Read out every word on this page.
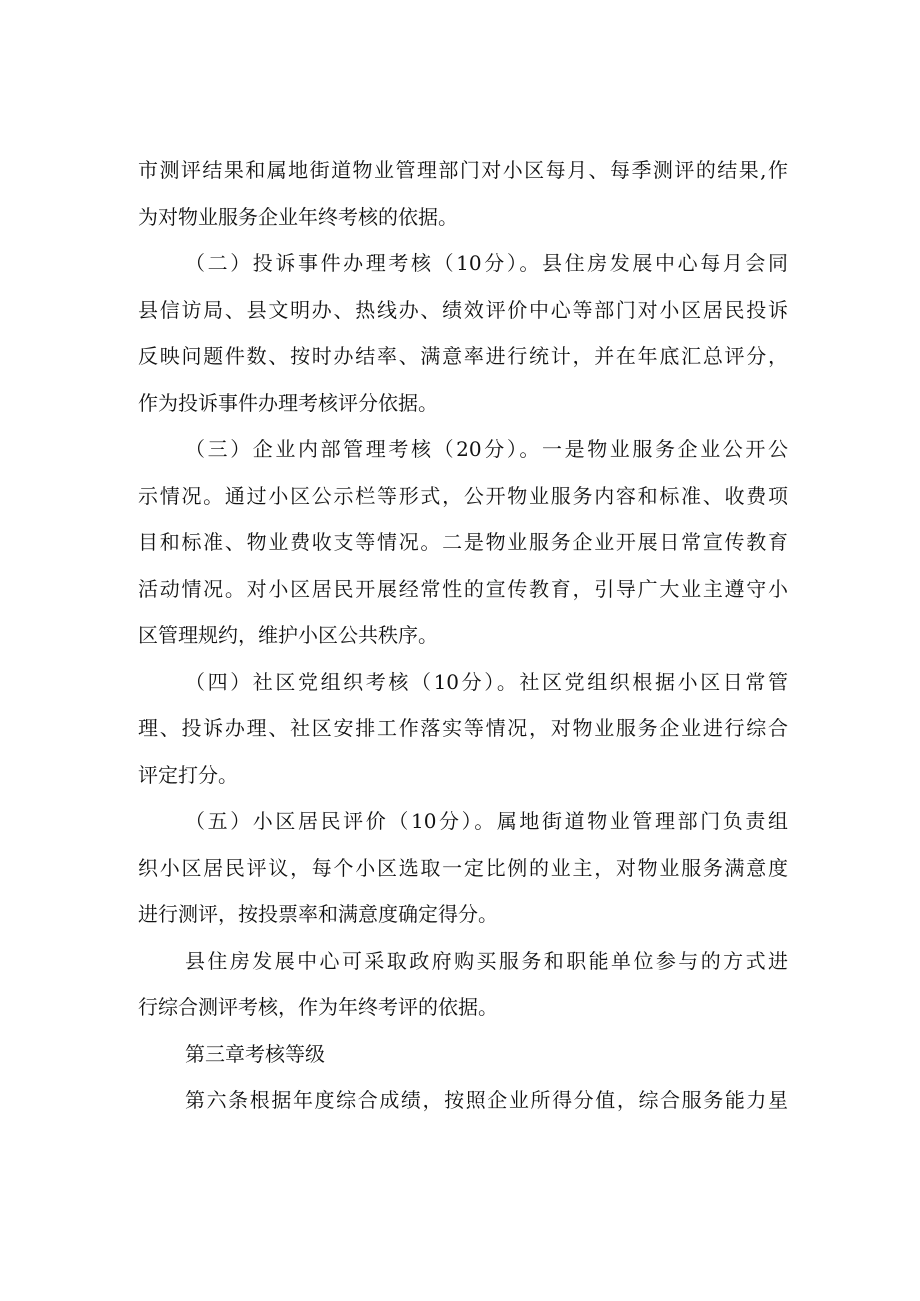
市测评结果和属地街道物业管理部门对小区每月、每季测评的结果,作
为对物业服务企业年终考核的依据。
（二）投诉事件办理考核（10分）。县住房发展中心每月会同
县信访局、县文明办、热线办、绩效评价中心等部门对小区居民投诉
反映问题件数、按时办结率、满意率进行统计，并在年底汇总评分，
作为投诉事件办理考核评分依据。
（三）企业内部管理考核（20分）。一是物业服务企业公开公
示情况。通过小区公示栏等形式，公开物业服务内容和标准、收费项
目和标准、物业费收支等情况。二是物业服务企业开展日常宣传教育
活动情况。对小区居民开展经常性的宣传教育，引导广大业主遵守小
区管理规约，维护小区公共秩序。
（四）社区党组织考核（10分）。社区党组织根据小区日常管
理、投诉办理、社区安排工作落实等情况，对物业服务企业进行综合
评定打分。
（五）小区居民评价（10分）。属地街道物业管理部门负责组
织小区居民评议，每个小区选取一定比例的业主，对物业服务满意度
进行测评，按投票率和满意度确定得分。
县住房发展中心可采取政府购买服务和职能单位参与的方式进
行综合测评考核，作为年终考评的依据。
第三章考核等级
第六条根据年度综合成绩，按照企业所得分值，综合服务能力星
